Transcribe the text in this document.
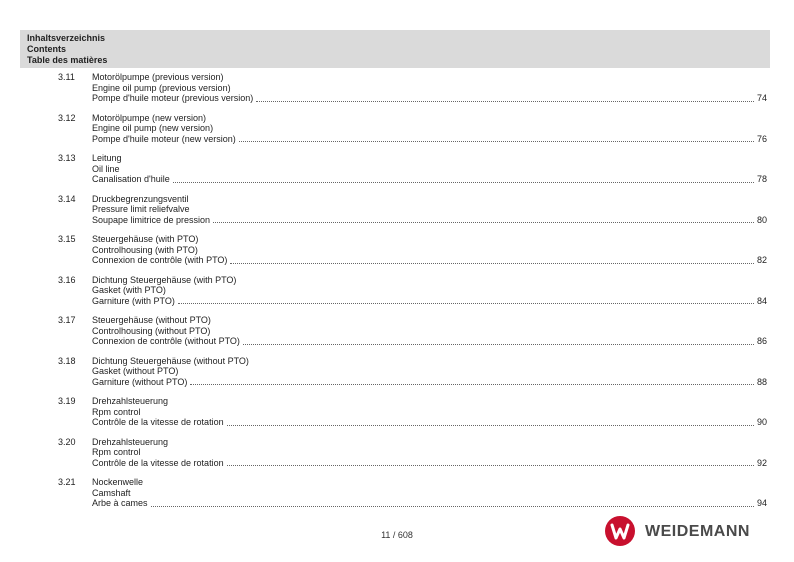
Inhaltsverzeichnis
Contents
Table des matières
3.11 Motorölpumpe (previous version)
Engine oil pump (previous version)
Pompe d'huile moteur (previous version)	74
3.12 Motorölpumpe (new version)
Engine oil pump (new version)
Pompe d'huile moteur (new version)	76
3.13 Leitung
Oil line
Canalisation d'huile	78
3.14 Druckbegrenzungsventil
Pressure limit reliefvalve
Soupape limitrice de pression	80
3.15 Steuergehäuse (with PTO)
Controlhousing (with PTO)
Connexion de contrôle (with PTO)	82
3.16 Dichtung Steuergehäuse (with PTO)
Gasket (with PTO)
Garniture (with PTO)	84
3.17 Steuergehäuse (without PTO)
Controlhousing (without PTO)
Connexion de contrôle (without PTO)	86
3.18 Dichtung Steuergehäuse (without PTO)
Gasket (without PTO)
Garniture (without PTO)	88
3.19 Drehzahlsteuerung
Rpm control
Contrôle de la vitesse de rotation	90
3.20 Drehzahlsteuerung
Rpm control
Contrôle de la vitesse de rotation	92
3.21 Nockenwelle
Camshaft
Arbe à cames	94
11 / 608	WEIDEMANN
